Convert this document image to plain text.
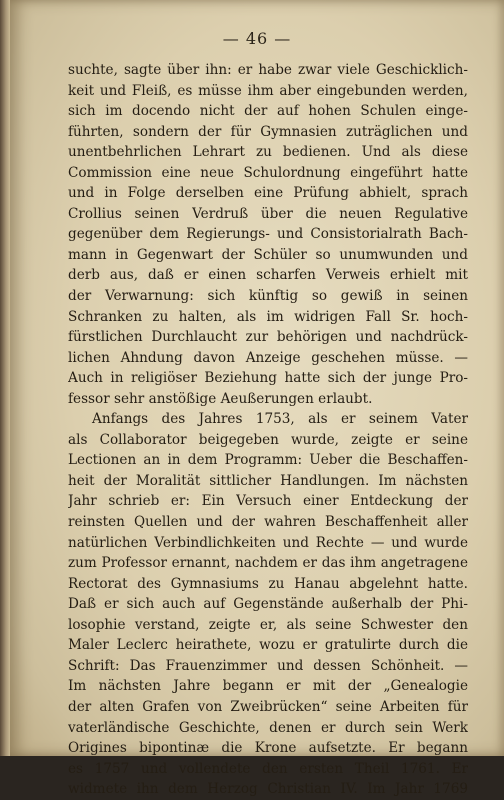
— 46 —

suchte, sagte über ihn: er habe zwar viele Geschicklich-
keit und Fleiß, es müsse ihm aber eingebunden werden,
sich im docendo nicht der auf hohen Schulen einge-
führten, sondern der für Gymnasien zuträglichen und
unentbehrlichen Lehrart zu bedienen. Und als diese
Commission eine neue Schulordnung eingeführt hatte
und in Folge derselben eine Prüfung abhielt, sprach
Crollius seinen Verdruß über die neuen Regulative
gegenüber dem Regierungs- und Consistorialrath Bach-
mann in Gegenwart der Schüler so unumwunden und
derb aus, daß er einen scharfen Verweis erhielt mit
der Verwarnung: sich künftig so gewiß in seinen
Schranken zu halten, als im widrigen Fall Sr. hoch-
fürstlichen Durchlaucht zur behörigen und nachdrück-
lichen Ahndung davon Anzeige geschehen müsse. —
Auch in religiöser Beziehung hatte sich der junge Pro-
fessor sehr anstößige Aeußerungen erlaubt.
Anfangs des Jahres 1753, als er seinem Vater
als Collaborator beigegeben wurde, zeigte er seine
Lectionen an in dem Programm: Ueber die Beschaffen-
heit der Moralität sittlicher Handlungen. Im nächsten
Jahr schrieb er: Ein Versuch einer Entdeckung der
reinsten Quellen und der wahren Beschaffenheit aller
natürlichen Verbindlichkeiten und Rechte — und wurde
zum Professor ernannt, nachdem er das ihm angetragene
Rectorat des Gymnasiums zu Hanau abgelehnt hatte.
Daß er sich auch auf Gegenstände außerhalb der Phi-
losophie verstand, zeigte er, als seine Schwester den
Maler Leclerc heirathete, wozu er gratulirte durch die
Schrift: Das Frauenzimmer und dessen Schönheit. —
Im nächsten Jahre begann er mit der „Genealogie
der alten Grafen von Zweibrücken“ seine Arbeiten für
vaterländische Geschichte, denen er durch sein Werk
Origines bipontinæ die Krone aufsetzte. Er begann
es 1757 und vollendete den ersten Theil 1761. Er
widmete ihn dem Herzog Christian IV. Im Jahr 1769
